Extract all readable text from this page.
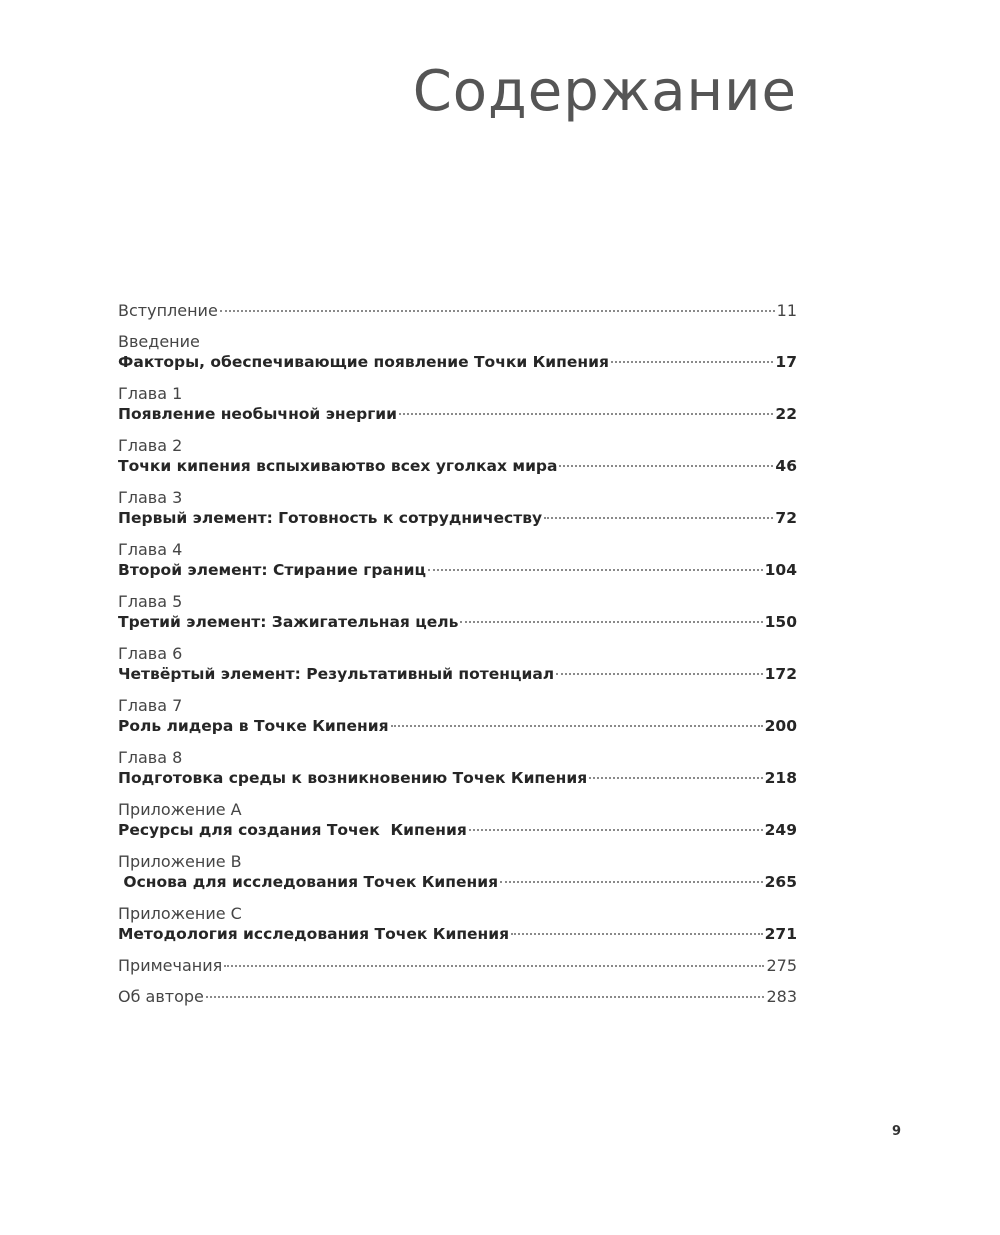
Содержание
Вступление	11
Введение
Факторы, обеспечивающие появление Точки Кипения	17
Глава 1
Появление необычной энергии	22
Глава 2
Точки кипения вспыхиваютво всех уголках мира	46
Глава 3
Первый элемент: Готовность к сотрудничеству	72
Глава 4
Второй элемент: Стирание границ	104
Глава 5
Третий элемент: Зажигательная цель	150
Глава 6
Четвёртый элемент: Результативный потенциал	172
Глава 7
Роль лидера в Точке Кипения	200
Глава 8
Подготовка среды к возникновению Точек Кипения	218
Приложение А
Ресурсы для создания Точек  Кипения	249
Приложение В
Основа для исследования Точек Кипения	265
Приложение С
Методология исследования Точек Кипения	271
Примечания	275
Об авторе	283
9
